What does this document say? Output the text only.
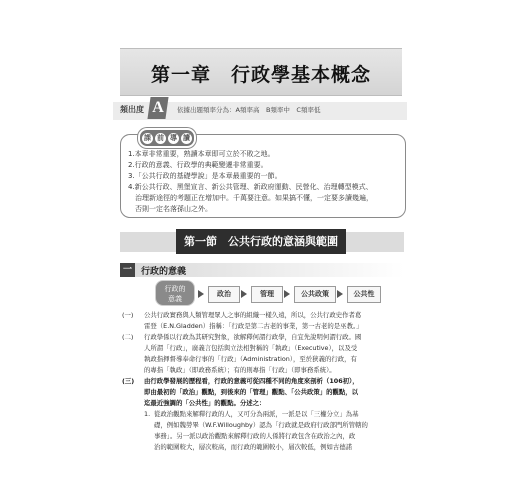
第一章　行政學基本概念
頻出度 A	依據出題頻率分為：A頻率高　B頻率中　C頻率低
課 前 導 讀
1.本章非常重要，熟讀本章即可立於不敗之地。
2.行政的意義、行政學的典範變遷非常重要。
3.「公共行政的基礎學說」是本章最重要的一節。
4.新公共行政、黑堡宣言、新公共管理、新政府運動、民營化、治理轉型模式、
　治理新途徑的考題正在增加中。千萬要注意。如果搞不懂，一定要多讀幾遍，
　否則一定名落孫山之外。
第一節　公共行政的意涵與範圍
一	行政的意義
行政的
意義
政治	管理	公共政策	公共性
(一) 公共行政實務與人類管理眾人之事的組織一樣久遠，所以，公共行政史作者葛
雷登（E.N.Gladden）指稱：「行政是第二古老的事業，第一古老的是巫教。」
(二) 行政學係以行政為其研究對象，欲解釋何謂行政學，自宜先說明何謂行政。國
人所謂「行政」，廣義言包括與立法相對稱的「執政」（Executive），以及受
執政指揮督導奉命行事的「行政」（Administration），至於狹義的行政，有
的專指「執政」（即政務系統）；有的則專指「行政」（即事務系統）。
(三) 由行政學發展的歷程看，行政的意義可從四種不同的角度來剖析（106初），
即由最初的「政治」觀點，到後來的「管理」觀點、「公共政策」的觀點，以
迄最近強調的「公共性」的觀點。分述之：
1. 從政治觀點來解釋行政的人，又可分為兩派，一派是以「三權分立」為基
礎，例如魏勞畢（W.F.Willoughby）認為「行政就是政府行政部門所管轄的
事務」。另一派以政治觀點來解釋行政的人係將行政包含在政治之內，政
治的範圍較大，層次較高，而行政的範圍較小，層次較低，例如古德諾
